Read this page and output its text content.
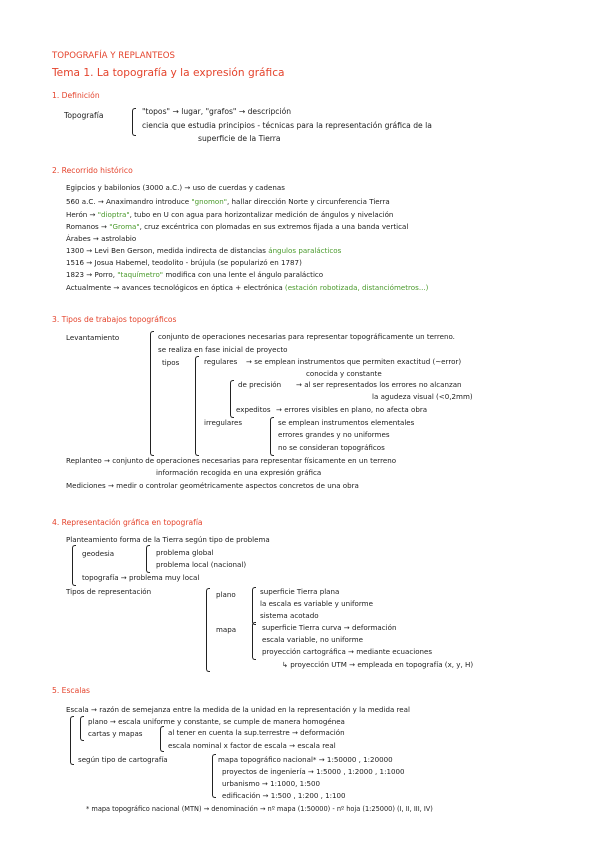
TOPOGRAFÍA Y REPLANTEOS
Tema 1. La topografía y la expresión gráfica
1. Definición
Topografía	"topos" → lugar, "grafos" → descripción
ciencia que estudia principios - técnicas para la representación gráfica de la
superficie de la Tierra
2. Recorrido histórico
Egipcios y babilonios (3000 a.C.) → uso de cuerdas y cadenas
560 a.C. → Anaximandro introduce "gnomon", hallar dirección Norte y circunferencia Tierra
Herón → "dioptra", tubo en U con agua para horizontalizar medición de ángulos y nivelación
Romanos → "Groma", cruz excéntrica con plomadas en sus extremos fijada a una banda vertical
Árabes → astrolabio
1300 → Levi Ben Gerson, medida indirecta de distancias ángulos paralácticos
1516 → Josua Habemel, teodolito - brújula (se popularizó en 1787)
1823 → Porro, "taquímetro" modifica con una lente el ángulo paraláctico
Actualmente → avances tecnológicos en óptica + electrónica (estación robotizada, distanciómetros...)
3. Tipos de trabajos topográficos
Levantamiento	conjunto de operaciones necesarias para representar topográficamente un terreno.
se realiza en fase inicial de proyecto
tipos	regulares → se emplean instrumentos que permiten exactitud (~error)
conocida y constante
de precisión → al ser representados los errores no alcanzan
la agudeza visual (<0,2mm)
expeditos → errores visibles en plano, no afecta obra
irregulares	se emplean instrumentos elementales
errores grandes y no uniformes
no se consideran topográficos
Replanteo → conjunto de operaciones necesarias para representar físicamente en un terreno
información recogida en una expresión gráfica
Mediciones → medir o controlar geométricamente aspectos concretos de una obra
4. Representación gráfica en topografía
Planteamiento forma de la Tierra según tipo de problema
geodesia	problema global
problema local (nacional)
topografía → problema muy local
Tipos de representación	plano	superficie Tierra plana
la escala es variable y uniforme
sistema acotado
mapa	superficie Tierra curva → deformación
escala variable, no uniforme
proyección cartográfica → mediante ecuaciones
↳ proyección UTM → empleada en topografía (x, y, H)
5. Escalas
Escala → razón de semejanza entre la medida de la unidad en la representación y la medida real
plano → escala uniforme y constante, se cumple de manera homogénea
cartas y mapas	al tener en cuenta la sup.terrestre → deformación
escala nominal x factor de escala → escala real
según tipo de cartografía	mapa topográfico nacional* → 1:50000 , 1:20000
proyectos de ingeniería → 1:5000 , 1:2000 , 1:1000
urbanismo → 1:1000, 1:500
edificación → 1:500 , 1:200 , 1:100
* mapa topográfico nacional (MTN) → denominación → nº mapa (1:50000) - nº hoja (1:25000) (I, II, III, IV)
